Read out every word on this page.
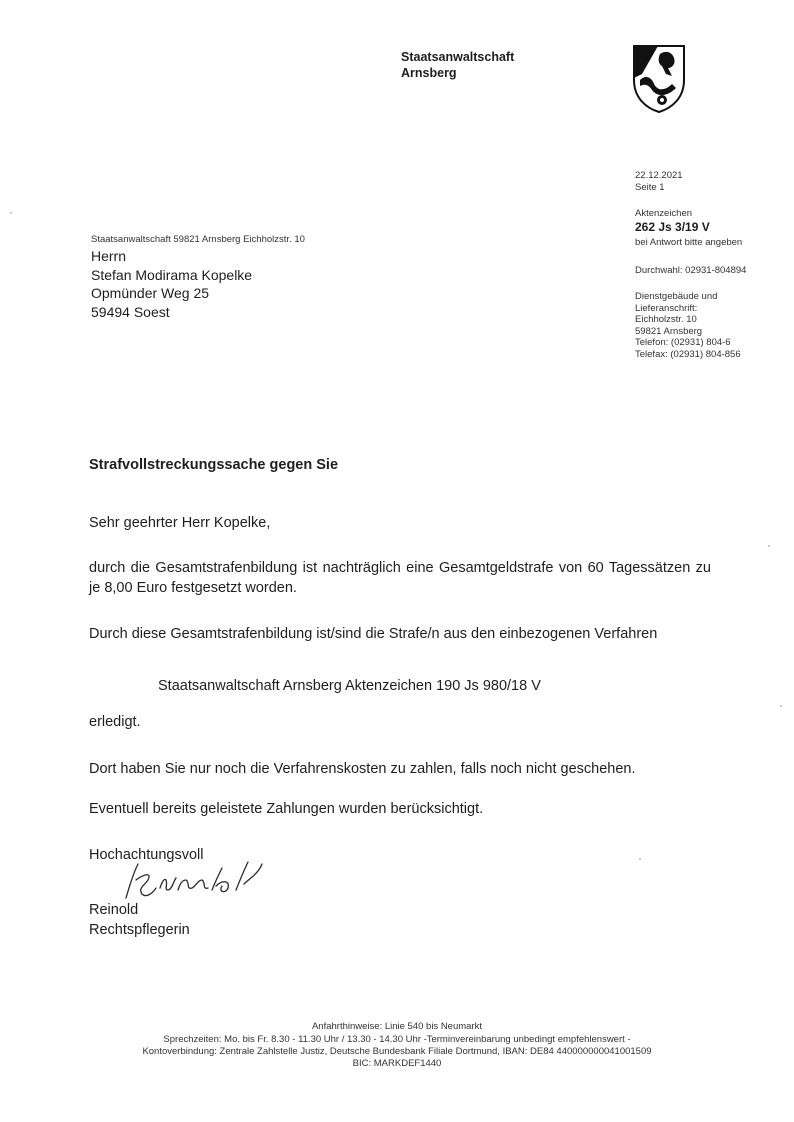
Staatsanwaltschaft
Arnsberg
22.12.2021
Seite 1
Aktenzeichen
262 Js 3/19 V
bei Antwort bitte angeben
Durchwahl: 02931-804894
Dienstgebäude und
Lieferanschrift:
Eichholzstr. 10
59821 Arnsberg
Telefon: (02931) 804-6
Telefax: (02931) 804-856
Staatsanwaltschaft 59821 Arnsberg Eichholzstr. 10
Herrn
Stefan Modirama Kopelke
Opmünder Weg 25
59494 Soest
Strafvollstreckungssache gegen Sie
Sehr geehrter Herr Kopelke,
durch die Gesamtstrafenbildung ist nachträglich eine Gesamtgeldstrafe von 60 Tagessätzen zu je 8,00 Euro festgesetzt worden.
Durch diese Gesamtstrafenbildung ist/sind die Strafe/n aus den einbezogenen Verfahren
Staatsanwaltschaft Arnsberg Aktenzeichen 190 Js 980/18 V
erledigt.
Dort haben Sie nur noch die Verfahrenskosten zu zahlen, falls noch nicht geschehen.
Eventuell bereits geleistete Zahlungen wurden berücksichtigt.
Hochachtungsvoll
Reinold
Rechtspflegerin
Anfahrthinweise: Linie 540 bis Neumarkt
Sprechzeiten: Mo. bis Fr. 8.30 - 11.30 Uhr / 13.30 - 14.30 Uhr -Terminvereinbarung unbedingt empfehlenswert -
Kontoverbindung: Zentrale Zahlstelle Justiz, Deutsche Bundesbank Filiale Dortmund, IBAN: DE84 440000000041001509
BIC: MARKDEF1440
